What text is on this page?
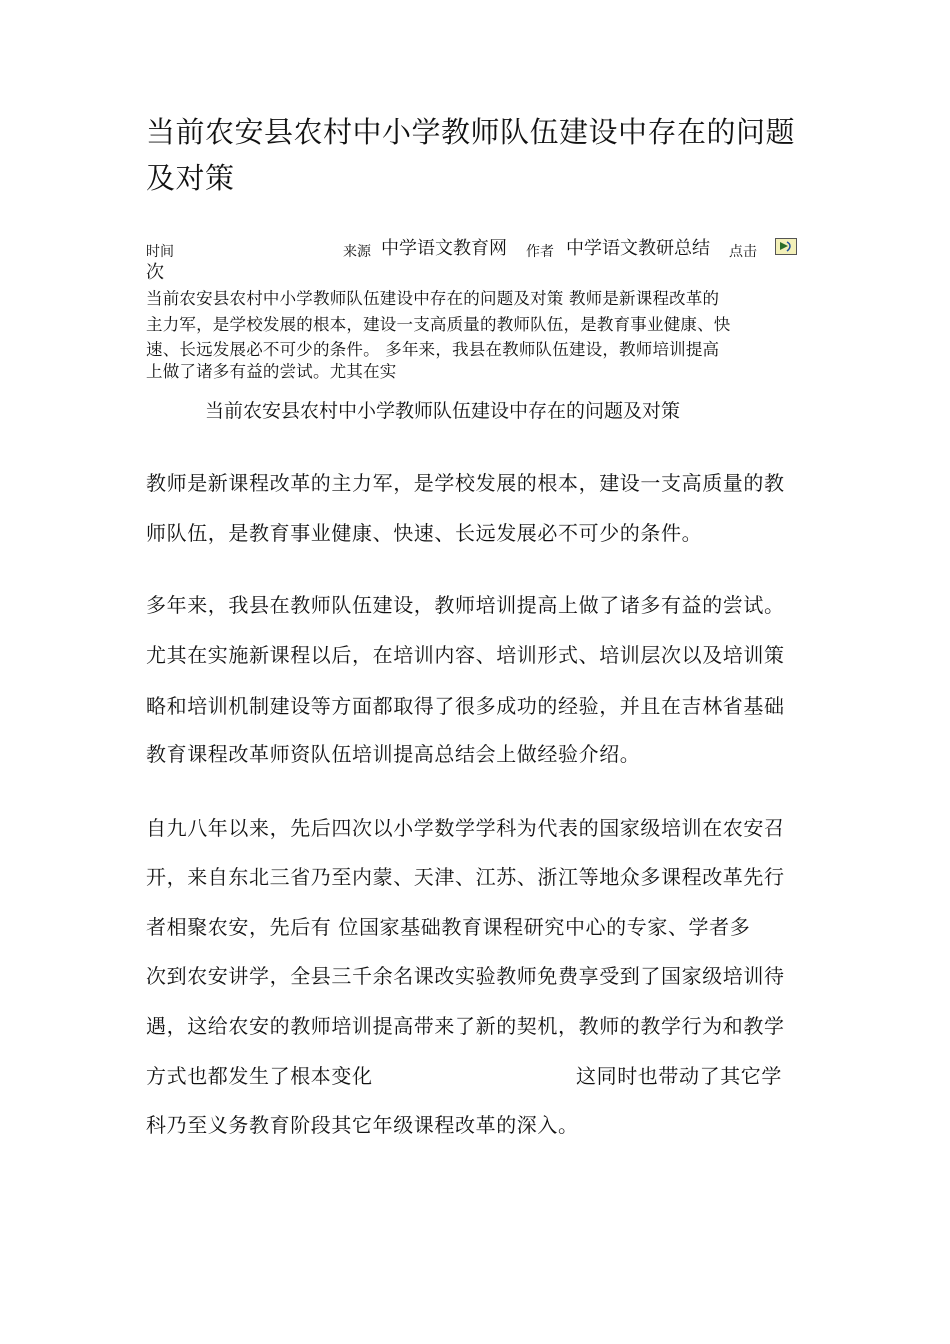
当前农安县农村中小学教师队伍建设中存在的问题
及对策
时间	来源 中学语文教育网 作者 中学语文教研总结 点击
次
当前农安县农村中小学教师队伍建设中存在的问题及对策 教师是新课程改革的
主力军，是学校发展的根本，建设一支高质量的教师队伍，是教育事业健康、快
速、长远发展必不可少的条件。 多年来，我县在教师队伍建设，教师培训提高
上做了诸多有益的尝试。尤其在实
当前农安县农村中小学教师队伍建设中存在的问题及对策
教师是新课程改革的主力军，是学校发展的根本，建设一支高质量的教
师队伍，是教育事业健康、快速、长远发展必不可少的条件。
多年来，我县在教师队伍建设，教师培训提高上做了诸多有益的尝试。
尤其在实施新课程以后，在培训内容、培训形式、培训层次以及培训策
略和培训机制建设等方面都取得了很多成功的经验，并且在吉林省基础
教育课程改革师资队伍培训提高总结会上做经验介绍。
自九八年以来，先后四次以小学数学学科为代表的国家级培训在农安召
开，来自东北三省乃至内蒙、天津、江苏、浙江等地众多课程改革先行
者相聚农安，先后有 位国家基础教育课程研究中心的专家、学者多
次到农安讲学，全县三千余名课改实验教师免费享受到了国家级培训待
遇，这给农安的教师培训提高带来了新的契机，教师的教学行为和教学
方式也都发生了根本变化	这同时也带动了其它学
科乃至义务教育阶段其它年级课程改革的深入。
